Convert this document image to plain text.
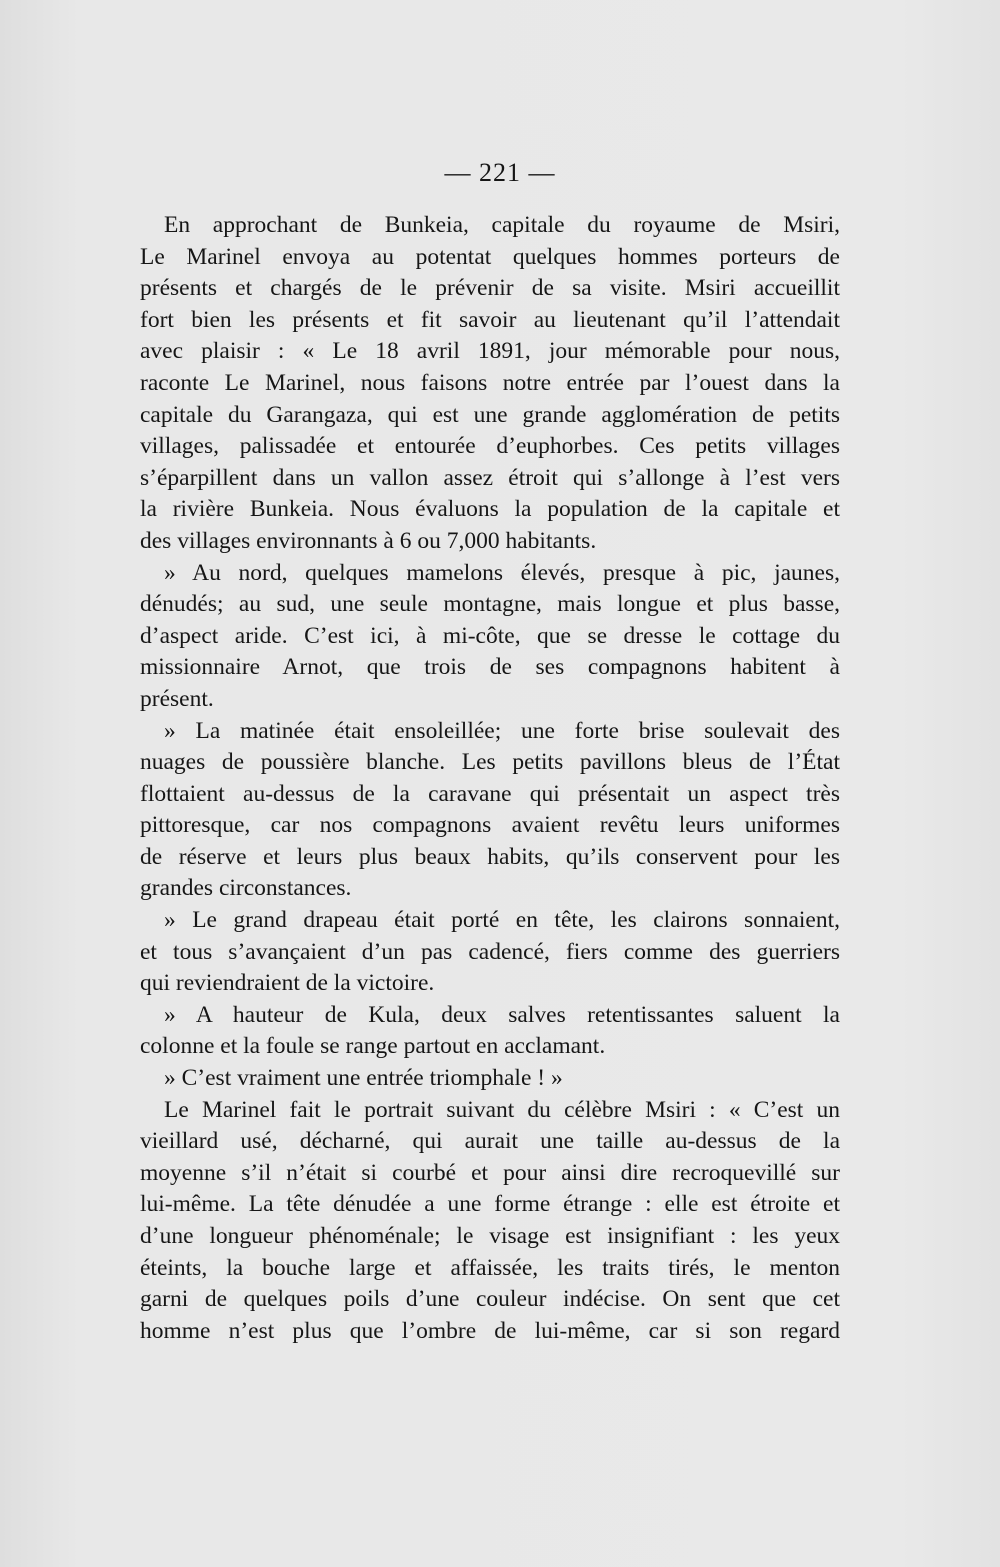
— 221 —
En approchant de Bunkeia, capitale du royaume de Msiri,
Le Marinel envoya au potentat quelques hommes porteurs de
présents et chargés de le prévenir de sa visite. Msiri accueillit
fort bien les présents et fit savoir au lieutenant qu’il l’attendait
avec plaisir : « Le 18 avril 1891, jour mémorable pour nous,
raconte Le Marinel, nous faisons notre entrée par l’ouest dans la
capitale du Garangaza, qui est une grande agglomération de petits
villages, palissadée et entourée d’euphorbes. Ces petits villages
s’éparpillent dans un vallon assez étroit qui s’allonge à l’est vers
la rivière Bunkeia. Nous évaluons la population de la capitale et
des villages environnants à 6 ou 7,000 habitants.
» Au nord, quelques mamelons élevés, presque à pic, jaunes,
dénudés; au sud, une seule montagne, mais longue et plus basse,
d’aspect aride. C’est ici, à mi-côte, que se dresse le cottage du
missionnaire Arnot, que trois de ses compagnons habitent à
présent.
» La matinée était ensoleillée; une forte brise soulevait des
nuages de poussière blanche. Les petits pavillons bleus de l’État
flottaient au-dessus de la caravane qui présentait un aspect très
pittoresque, car nos compagnons avaient revêtu leurs uniformes
de réserve et leurs plus beaux habits, qu’ils conservent pour les
grandes circonstances.
» Le grand drapeau était porté en tête, les clairons sonnaient,
et tous s’avançaient d’un pas cadencé, fiers comme des guerriers
qui reviendraient de la victoire.
» A hauteur de Kula, deux salves retentissantes saluent la
colonne et la foule se range partout en acclamant.
» C’est vraiment une entrée triomphale ! »
Le Marinel fait le portrait suivant du célèbre Msiri : « C’est un
vieillard usé, décharné, qui aurait une taille au-dessus de la
moyenne s’il n’était si courbé et pour ainsi dire recroquevillé sur
lui-même. La tête dénudée a une forme étrange : elle est étroite et
d’une longueur phénoménale; le visage est insignifiant : les yeux
éteints, la bouche large et affaissée, les traits tirés, le menton
garni de quelques poils d’une couleur indécise. On sent que cet
homme n’est plus que l’ombre de lui-même, car si son regard
